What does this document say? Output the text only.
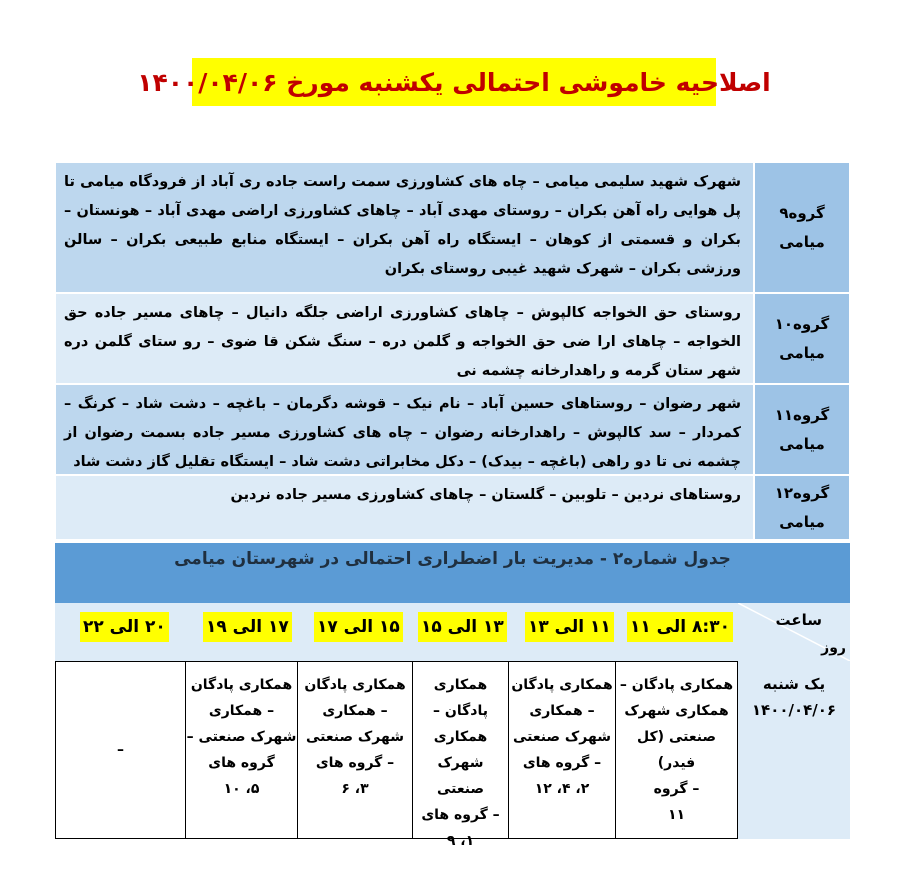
اصلاحیه خاموشی احتمالی یکشنبه مورخ ۱۴۰۰/۰۴/۰۶
گروه۹
میامی
شهرک شهید سلیمی میامی – چاه های کشاورزی سمت راست جاده ری آباد از فرودگاه میامی تا پل هوایی راه آهن بکران – روستای مهدی آباد – چاهای کشاورزی اراضی مهدی آباد – هونستان – بکران و قسمتی از کوهان – ایستگاه راه آهن بکران – ایستگاه منابع طبیعی بکران – سالن ورزشی بکران – شهرک شهید غیبی روستای بکران
گروه۱۰
میامی
روستای حق الخواجه کالپوش – چاهای کشاورزی اراضی جلگه دانیال – چاهای مسیر جاده حق الخواجه – چاهای ارا ضی حق الخواجه و گلمن دره – سنگ شکن قا ضوی – رو ستای گلمن دره شهر ستان گرمه و راهدارخانه چشمه نی
گروه۱۱
میامی
شهر رضوان – روستاهای حسین آباد – نام نیک – قوشه دگرمان – باغچه – دشت شاد – کرنگ – کمردار – سد کالپوش – راهدارخانه رضوان – چاه های کشاورزی مسیر جاده بسمت رضوان از چشمه نی تا دو راهی (باغچه – بیدک) – دکل مخابراتی دشت شاد – ایستگاه تقلیل گاز دشت شاد
گروه۱۲
میامی
روستاهای نردین – تلوبین – گلستان – چاهای کشاورزی مسیر جاده نردین
جدول شماره۲ - مدیریت بار اضطراری احتمالی در شهرستان میامی
ساعت
روز
۸:۳۰ الی ۱۱
۱۱ الی ۱۳
۱۳ الی ۱۵
۱۵ الی ۱۷
۱۷ الی ۱۹
۲۰ الی ۲۲
یک شنبه
۱۴۰۰/۰۴/۰۶
همکاری پادگان –
همکاری شهرک
صنعتی (کل فیدر)
– گروه
۱۱
همکاری پادگان
– همکاری
شهرک صنعتی
– گروه های
۲، ۴، ۱۲
همکاری
پادگان –
همکاری
شهرک صنعتی
– گروه های
۱، ۹
همکاری پادگان
– همکاری
شهرک صنعتی
– گروه های
۳، ۶
همکاری پادگان
– همکاری
شهرک صنعتی –
گروه های
۵، ۱۰
–
